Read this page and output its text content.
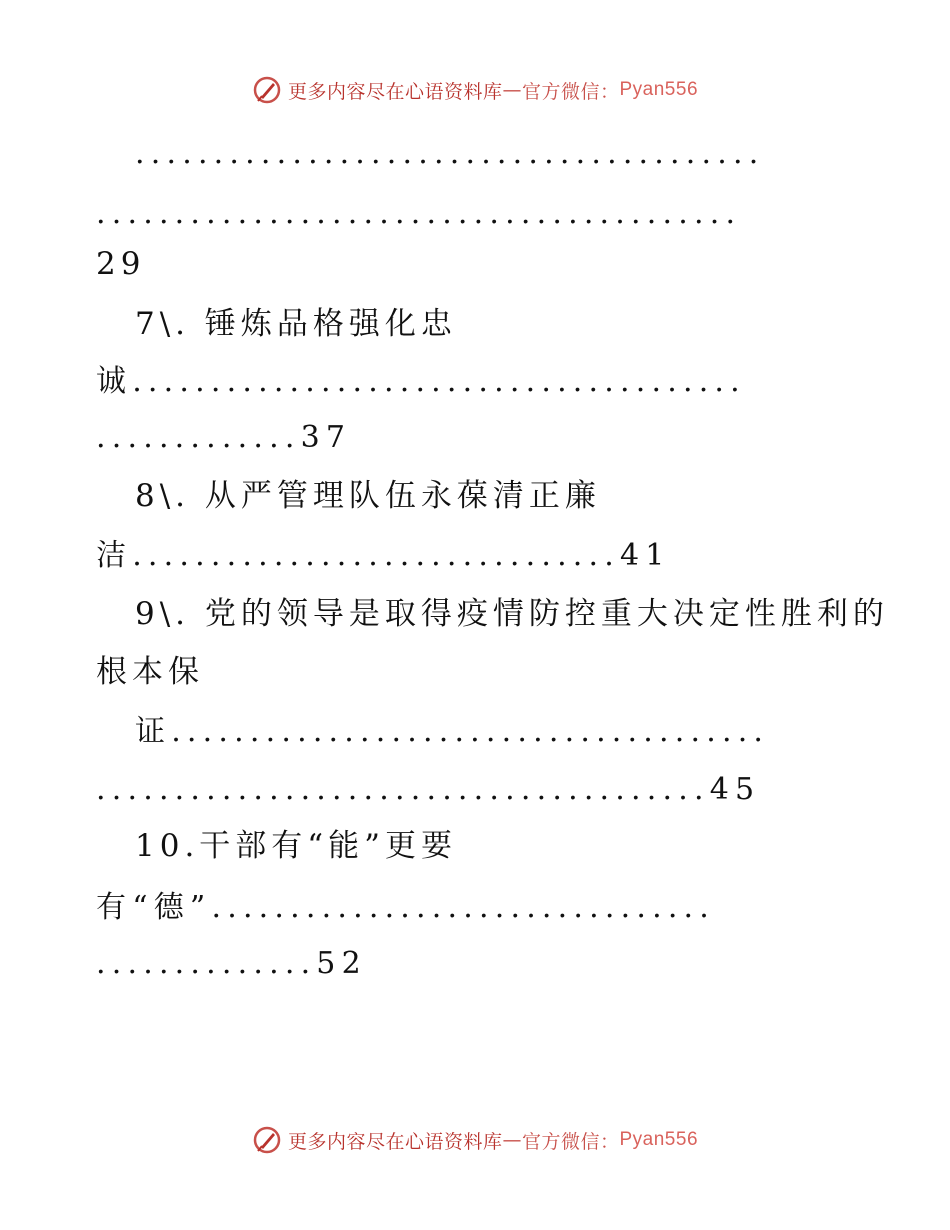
更多内容尽在心语资料库 — 官方微信： Pyan556
........................................
.........................................
29
7\. 锤炼品格强化忠
诚.......................................
.............37
8\. 从严管理队伍永葆清正廉
洁...............................41
9\. 党的领导是取得疫情防控重大决定性胜利的
根本保
证......................................
.......................................45
10.干部有“能”更要
有“德”................................
..............52
更多内容尽在心语资料库 — 官方微信： Pyan556
